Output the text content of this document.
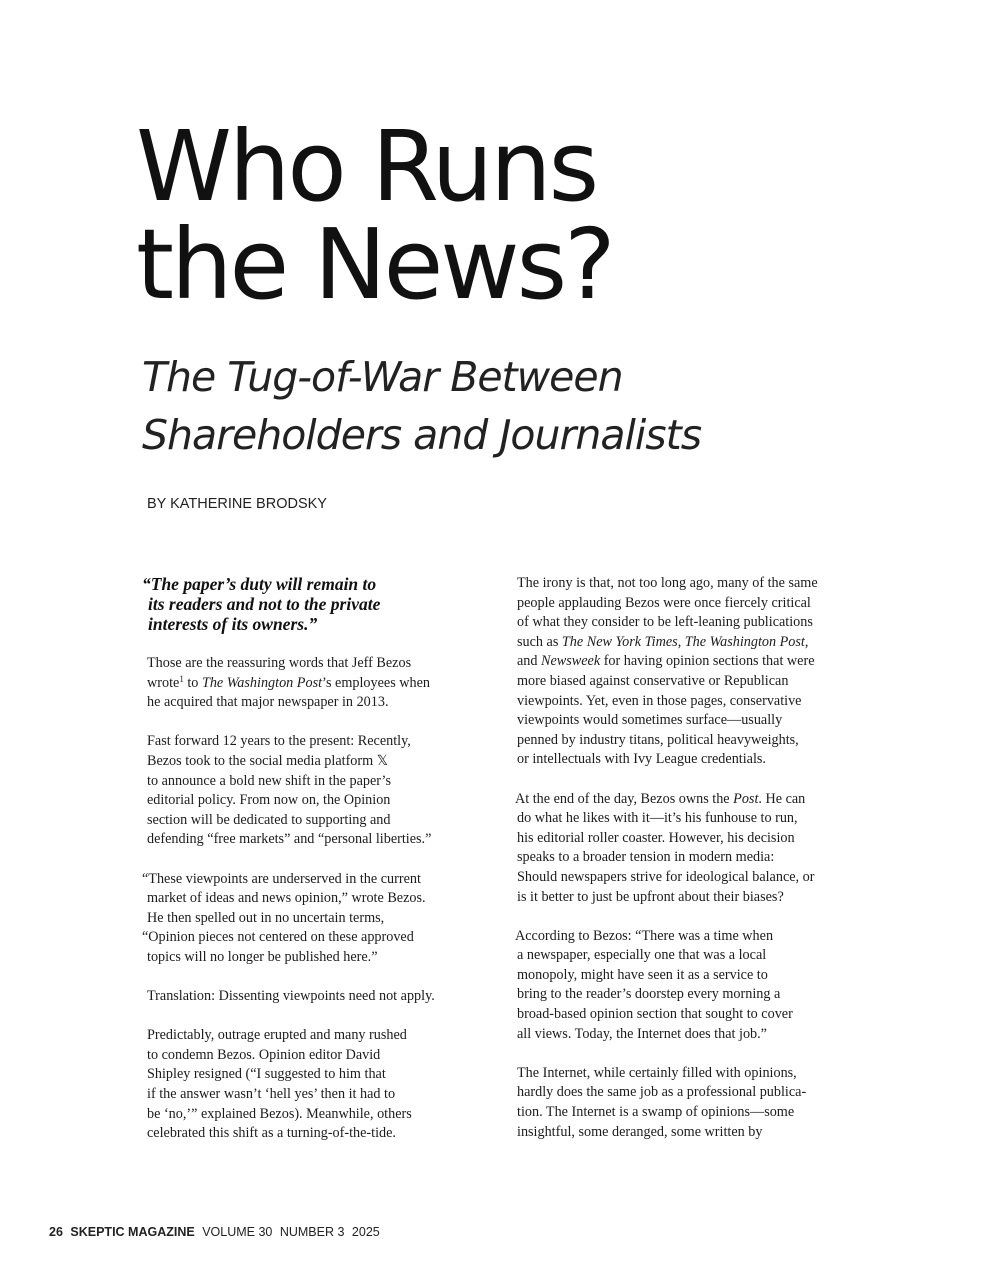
Who Runs
the News?
The Tug-of-War Between
Shareholders and Journalists
BY KATHERINE BRODSKY
“The paper’s duty will remain to
its readers and not to the private
interests of its owners.”

Those are the reassuring words that Jeff Bezos
wrote$^1$ to The Washington Post’s employees when
he acquired that major newspaper in 2013.

Fast forward 12 years to the present: Recently,
Bezos took to the social media platform 𝕏
to announce a bold new shift in the paper’s
editorial policy. From now on, the Opinion
section will be dedicated to supporting and
defending “free markets” and “personal liberties.”

“These viewpoints are underserved in the current
market of ideas and news opinion,” wrote Bezos.
He then spelled out in no uncertain terms,
“Opinion pieces not centered on these approved
topics will no longer be published here.”

Translation: Dissenting viewpoints need not apply.

Predictably, outrage erupted and many rushed
to condemn Bezos. Opinion editor David
Shipley resigned (“I suggested to him that
if the answer wasn’t ‘hell yes’ then it had to
be ‘no,’” explained Bezos). Meanwhile, others
celebrated this shift as a turning-of-the-tide.

The irony is that, not too long ago, many of the same
people applauding Bezos were once fiercely critical
of what they consider to be left-leaning publications
such as The New York Times, The Washington Post,
and Newsweek for having opinion sections that were
more biased against conservative or Republican
viewpoints. Yet, even in those pages, conservative
viewpoints would sometimes surface—usually
penned by industry titans, political heavyweights,
or intellectuals with Ivy League credentials.

At the end of the day, Bezos owns the Post. He can
do what he likes with it—it’s his funhouse to run,
his editorial roller coaster. However, his decision
speaks to a broader tension in modern media:
Should newspapers strive for ideological balance, or
is it better to just be upfront about their biases?

According to Bezos: “There was a time when
a newspaper, especially one that was a local
monopoly, might have seen it as a service to
bring to the reader’s doorstep every morning a
broad-based opinion section that sought to cover
all views. Today, the Internet does that job.”

The Internet, while certainly filled with opinions,
hardly does the same job as a professional publica-
tion. The Internet is a swamp of opinions—some
insightful, some deranged, some written by

26 SKEPTIC MAGAZINE VOLUME 30 NUMBER 3 2025
